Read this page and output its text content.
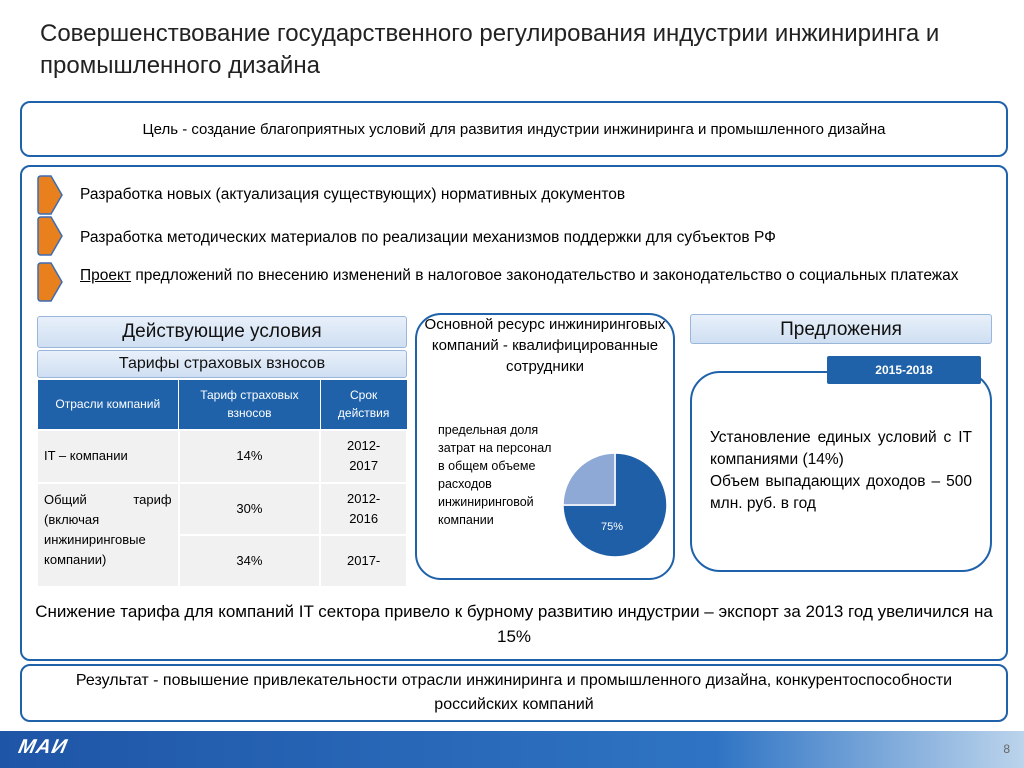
Совершенствование государственного регулирования индустрии инжиниринга и промышленного дизайна
Цель - создание благоприятных условий для развития индустрии инжиниринга и промышленного дизайна
Разработка новых (актуализация существующих) нормативных документов
Разработка методических материалов по реализации механизмов поддержки для субъектов РФ
Проект предложений по внесению изменений в налоговое законодательство и законодательство о социальных платежах
Действующие условия
Тарифы страховых взносов
Отрасли компаний	Тариф страховых взносов	Срок действия
IT – компании	14%	2012-2017
Общий тариф (включая инжиниринговые компании)	30%	2012-2016
	34%	2017-
Основной ресурс инжиниринговых компаний - квалифицированные сотрудники
предельная доля затрат на персонал в общем объеме расходов инжиниринговой компании	75%
Предложения
2015-2018
Установление единых условий с IT компаниями (14%)
Объем выпадающих доходов – 500 млн. руб. в год
Снижение тарифа для компаний IT сектора привело к бурному развитию индустрии – экспорт за 2013 год увеличился на 15%
Результат - повышение привлекательности отрасли инжиниринга и промышленного дизайна, конкурентоспособности российских компаний
МАИ	8
